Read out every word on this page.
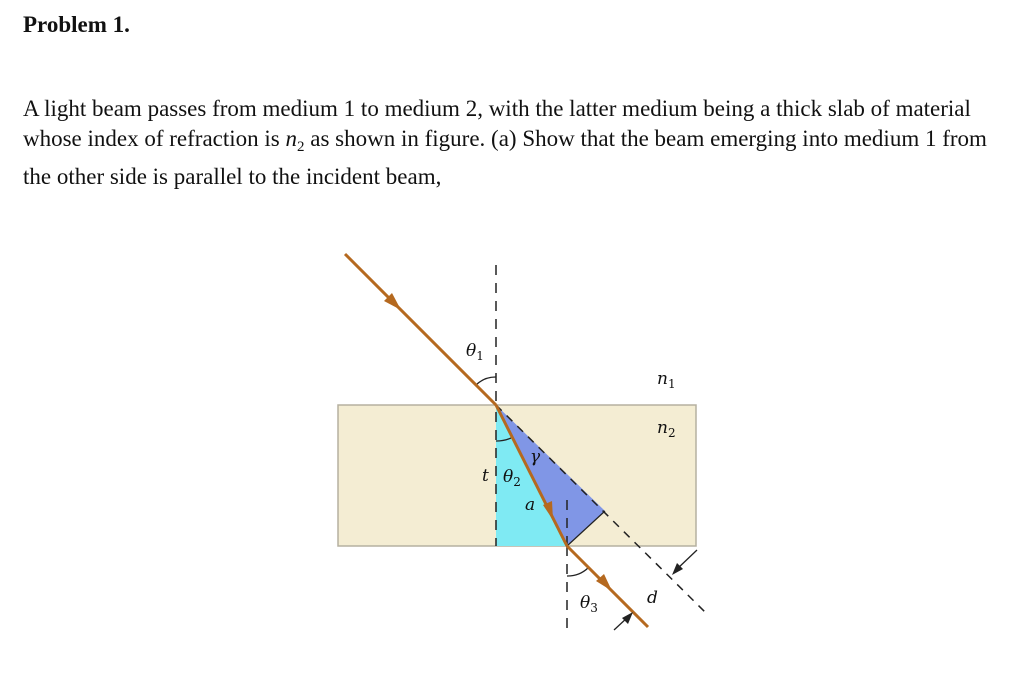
Problem 1.

A light beam passes from medium 1 to medium 2, with the latter medium being a thick slab of material whose index of refraction is $n_2$ as shown in figure. (a) Show that the beam emerging into medium 1 from the other side is parallel to the incident beam,

$\theta_1$
t $\theta_2$
γ
a
$\theta_3$	d
$n_1$
$n_2$
